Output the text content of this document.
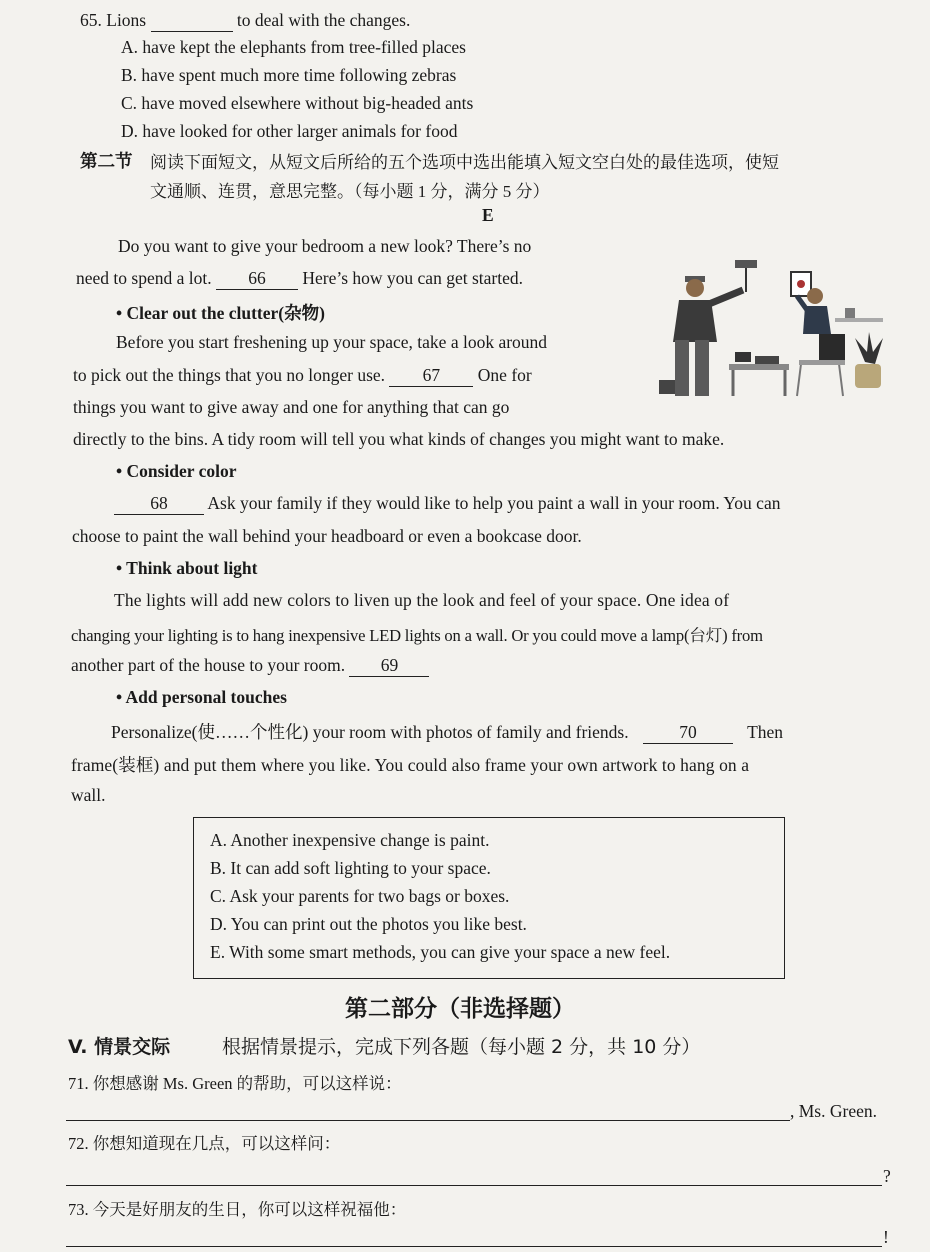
65. Lions	to deal with the changes.
A. have kept the elephants from tree-filled places
B. have spent much more time following zebras
C. have moved elsewhere without big-headed ants
D. have looked for other larger animals for food
第二节 阅读下面短文，从短文后所给的五个选项中选出能填入短文空白处的最佳选项，使短
文通顺、连贯，意思完整。（每小题 1 分，满分 5 分）
E
Do you want to give your bedroom a new look? There’s no
need to spend a lot. 66 Here’s how you can get started.
• Clear out the clutter(杂物)
Before you start freshening up your space, take a look around
to pick out the things that you no longer use. 67 One for
things you want to give away and one for anything that can go
directly to the bins. A tidy room will tell you what kinds of changes you might want to make.
• Consider color
68 Ask your family if they would like to help you paint a wall in your room. You can
choose to paint the wall behind your headboard or even a bookcase door.
• Think about light
The lights will add new colors to liven up the look and feel of your space. One idea of
changing your lighting is to hang inexpensive LED lights on a wall. Or you could move a lamp(台灯) from
another part of the house to your room. 69
• Add personal touches
Personalize(使……个性化) your room with photos of family and friends.	70	Then
frame(装框) and put them where you like. You could also frame your own artwork to hang on a
wall.
A. Another inexpensive change is paint.
B. It can add soft lighting to your space.
C. Ask your parents for two bags or boxes.
D. You can print out the photos you like best.
E. With some smart methods, you can give your space a new feel.
第二部分（非选择题）
V. 情景交际	根据情景提示，完成下列各题（每小题 2 分，共 10 分）
71. 你想感谢 Ms. Green 的帮助，可以这样说：
, Ms. Green.
72. 你想知道现在几点，可以这样问：
?
73. 今天是好朋友的生日，你可以这样祝福他：
!
